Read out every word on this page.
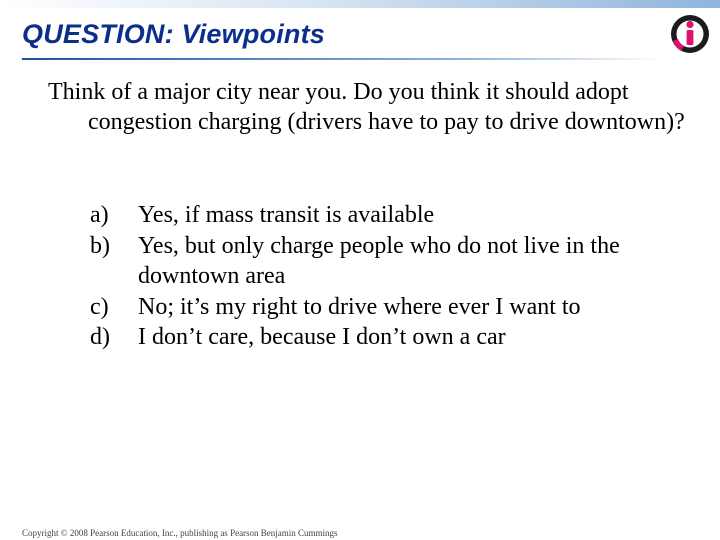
QUESTION: Viewpoints
Think of a major city near you. Do you think it should adopt congestion charging (drivers have to pay to drive downtown)?
a)	Yes, if mass transit is available
b)	Yes, but only charge people who do not live in the downtown area
c)	No; it’s my right to drive where ever I want to
d)	I don’t care, because I don’t own a car
Copyright © 2008 Pearson Education, Inc., publishing as Pearson Benjamin Cummings
